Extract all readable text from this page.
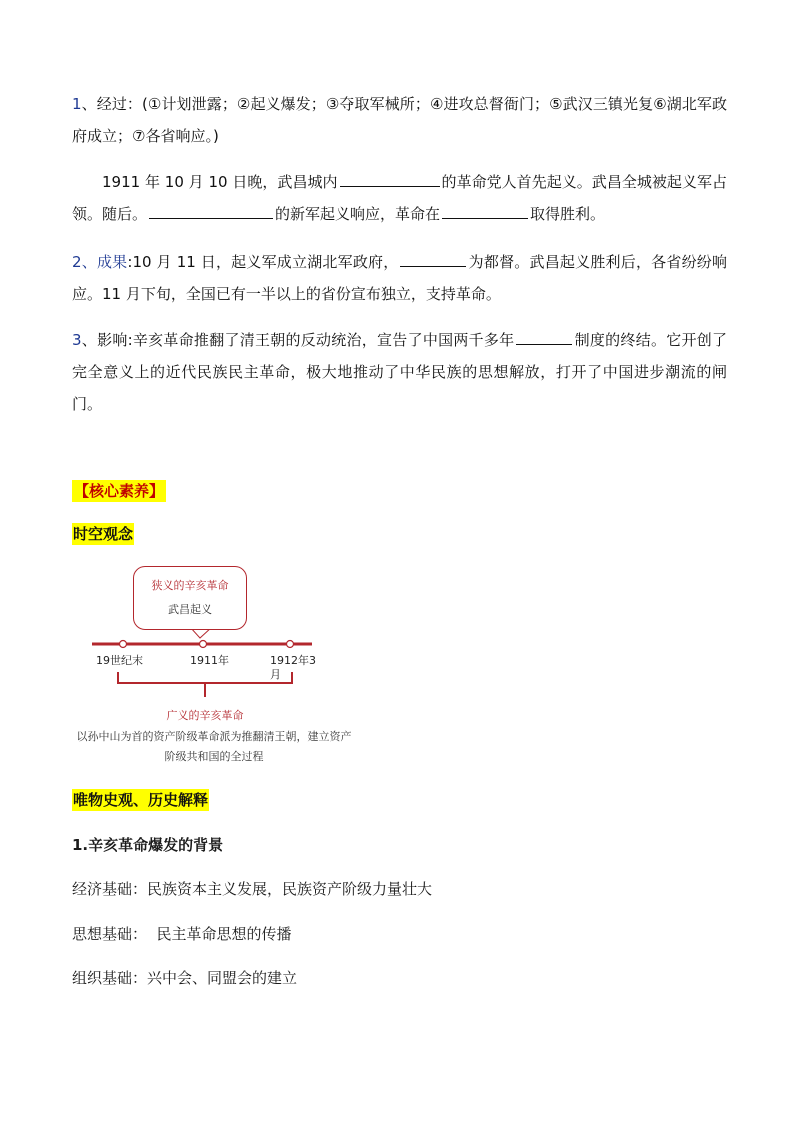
1、经过：(①计划泄露；②起义爆发；③夺取军械所；④进攻总督衙门；⑤武汉三镇光复⑥湖北军政府成立；⑦各省响应。)

1911 年 10 月 10 日晚，武昌城内	的革命党人首先起义。武昌全城被起义军占领。随后。	的新军起义响应，革命在	取得胜利。

2、成果:10 月 11 日，起义军成立湖北军政府，	为都督。武昌起义胜利后，各省纷纷响应。11 月下旬，全国已有一半以上的省份宣布独立，支持革命。

3、影响:辛亥革命推翻了清王朝的反动统治，宣告了中国两千多年	制度的终结。它开创了完全意义上的近代民族民主革命，极大地推动了中华民族的思想解放，打开了中国进步潮流的闸门。

【核心素养】
时空观念
狭义的辛亥革命
武昌起义
19世纪末	1911年	1912年3月
广义的辛亥革命
以孙中山为首的资产阶级革命派为推翻清王朝，建立资产阶级共和国的全过程
唯物史观、历史解释
1.辛亥革命爆发的背景
经济基础：民族资本主义发展，民族资产阶级力量壮大
思想基础：  民主革命思想的传播
组织基础：兴中会、同盟会的建立
